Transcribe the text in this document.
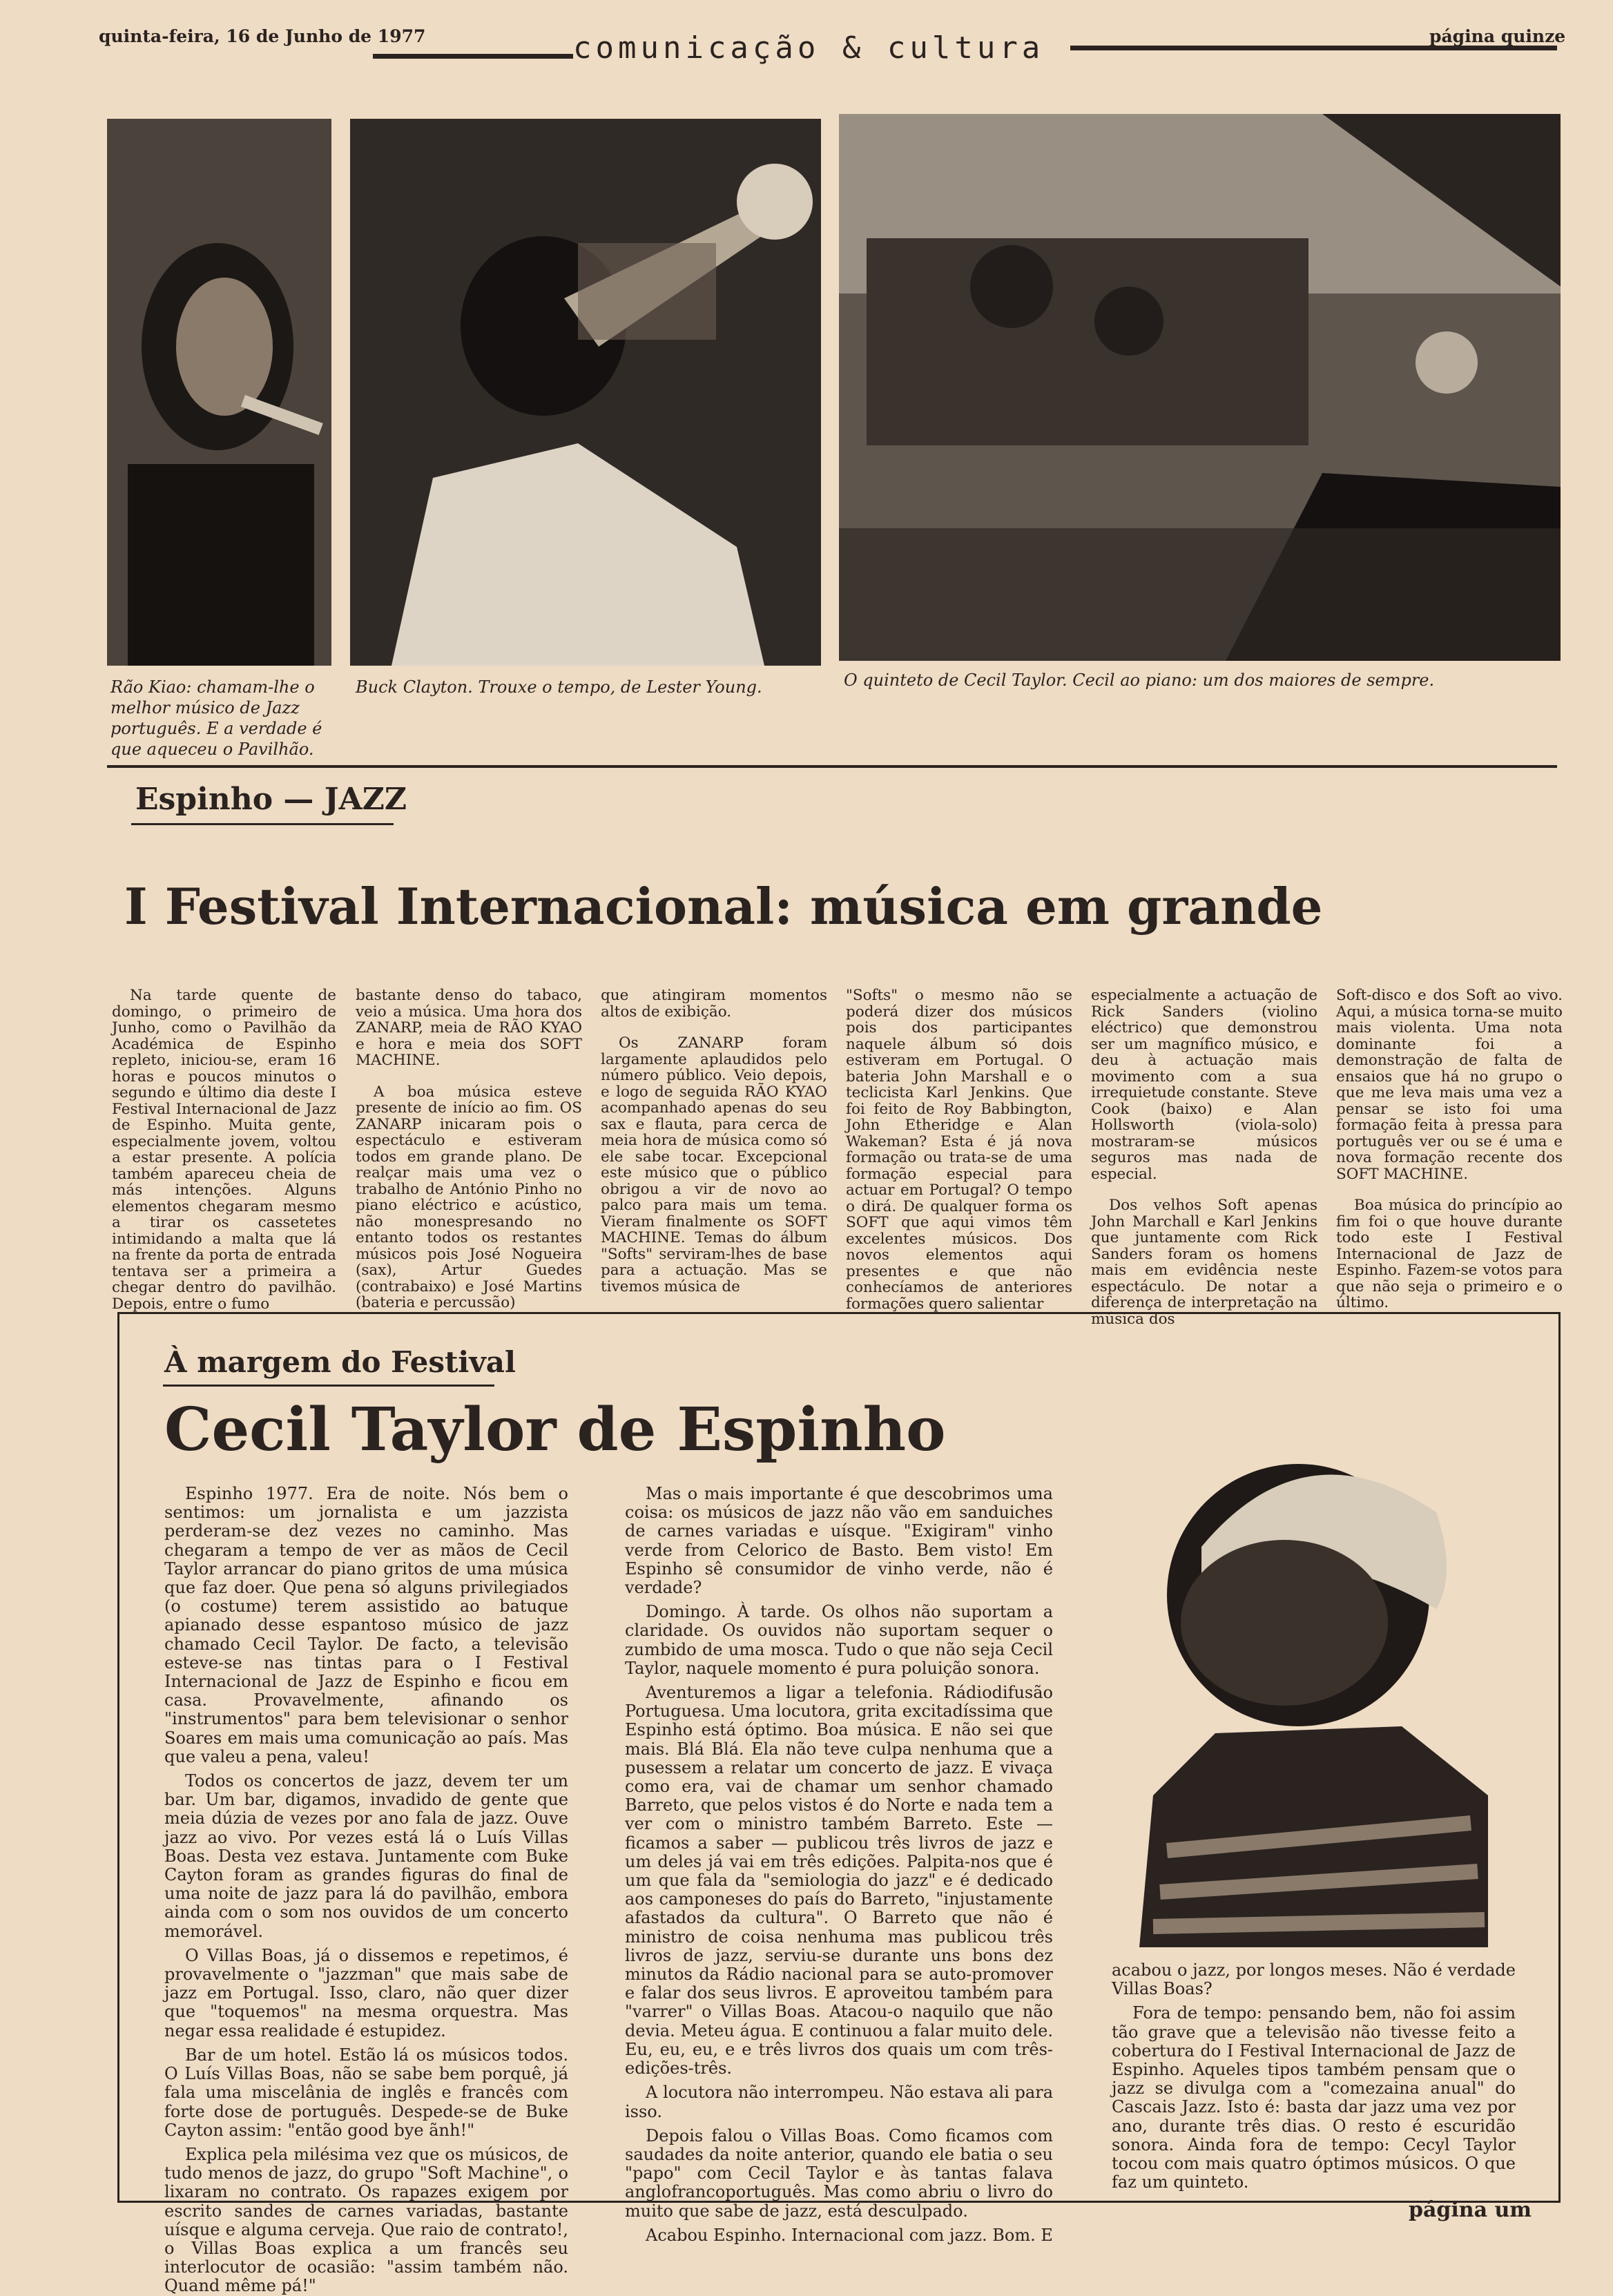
quinta-feira, 16 de Junho de 1977	comunicação & cultura	página quinze
Rão Kiao: chamam-lhe o melhor músico de Jazz português. E a verdade é que aqueceu o Pavilhão.
Buck Clayton. Trouxe o tempo, de Lester Young.	O quinteto de Cecil Taylor. Cecil ao piano: um dos maiores de sempre.
Espinho — JAZZ
I Festival Internacional: música em grande

Na tarde quente de domingo, o primeiro de Junho, como o Pavilhão da Académica de Espinho repleto, iniciou-se, eram 16 horas e poucos minutos o segundo e último dia deste I Festival Internacional de Jazz de Espinho. Muita gente, especialmente jovem, voltou a estar presente. A polícia também apareceu cheia de más intenções. Alguns elementos chegaram mesmo a tirar os cassetetes intimidando a malta que lá na frente da porta de entrada tentava ser a primeira a chegar dentro do pavilhão. Depois, entre o fumo

bastante denso do tabaco, veio a música. Uma hora dos ZANARP, meia de RÃO KYAO e hora e meia dos SOFT MACHINE.

A boa música esteve presente de início ao fim. OS ZANARP inicaram pois o espectáculo e estiveram todos em grande plano. De realçar mais uma vez o trabalho de António Pinho no piano eléctrico e acústico, não monespresando no entanto todos os restantes músicos pois José Nogueira (sax), Artur Guedes (contrabaixo) e José Martins (bateria e percussão)

que atingiram momentos altos de exibição.

Os ZANARP foram largamente aplaudidos pelo número público. Veio depois, e logo de seguida RÃO KYAO acompanhado apenas do seu sax e flauta, para cerca de meia hora de música como só ele sabe tocar. Excepcional este músico que o público obrigou a vir de novo ao palco para mais um tema. Vieram finalmente os SOFT MACHINE. Temas do álbum "Softs" serviram-lhes de base para a actuação. Mas se tivemos música de

"Softs" o mesmo não se poderá dizer dos músicos pois dos participantes naquele álbum só dois estiveram em Portugal. O bateria John Marshall e o teclicista Karl Jenkins. Que foi feito de Roy Babbington, John Etheridge e Alan Wakeman? Esta é já nova formação ou trata-se de uma formação especial para actuar em Portugal? O tempo o dirá. De qualquer forma os SOFT que aqui vimos têm excelentes músicos. Dos novos elementos aqui presentes e que não conhecíamos de anteriores formações quero salientar

especialmente a actuação de Rick Sanders (violino eléctrico) que demonstrou ser um magnífico músico, e deu à actuação mais movimento com a sua irrequietude constante. Steve Cook (baixo) e Alan Hollsworth (viola-solo) mostraram-se músicos seguros mas nada de especial.

Dos velhos Soft apenas John Marchall e Karl Jenkins que juntamente com Rick Sanders foram os homens mais em evidência neste espectáculo. De notar a diferença de interpretação na música dos

Soft-disco e dos Soft ao vivo. Aqui, a música torna-se muito mais violenta. Uma nota dominante foi a demonstração de falta de ensaios que há no grupo o que me leva mais uma vez a pensar se isto foi uma formação feita à pressa para português ver ou se é uma e nova formação recente dos SOFT MACHINE.

Boa música do princípio ao fim foi o que houve durante todo este I Festival Internacional de Jazz de Espinho. Fazem-se votos para que não seja o primeiro e o último.

À margem do Festival
Cecil Taylor de Espinho

Espinho 1977. Era de noite. Nós bem o sentimos: um jornalista e um jazzista perderam-se dez vezes no caminho. Mas chegaram a tempo de ver as mãos de Cecil Taylor arrancar do piano gritos de uma música que faz doer. Que pena só alguns privilegiados (o costume) terem assistido ao batuque apianado desse espantoso músico de jazz chamado Cecil Taylor. De facto, a televisão esteve-se nas tintas para o I Festival Internacional de Jazz de Espinho e ficou em casa. Provavelmente, afinando os "instrumentos" para bem televisionar o senhor Soares em mais uma comunicação ao país. Mas que valeu a pena, valeu!

Todos os concertos de jazz, devem ter um bar. Um bar, digamos, invadido de gente que meia dúzia de vezes por ano fala de jazz. Ouve jazz ao vivo. Por vezes está lá o Luís Villas Boas. Desta vez estava. Juntamente com Buke Cayton foram as grandes figuras do final de uma noite de jazz para lá do pavilhão, embora ainda com o som nos ouvidos de um concerto memorável.

O Villas Boas, já o dissemos e repetimos, é provavelmente o "jazzman" que mais sabe de jazz em Portugal. Isso, claro, não quer dizer que "toquemos" na mesma orquestra. Mas negar essa realidade é estupidez.

Bar de um hotel. Estão lá os músicos todos. O Luís Villas Boas, não se sabe bem porquê, já fala uma miscelânia de inglês e francês com forte dose de português. Despede-se de Buke Cayton assim: "então good bye ãnh!"

Explica pela milésima vez que os músicos, de tudo menos de jazz, do grupo "Soft Machine", o lixaram no contrato. Os rapazes exigem por escrito sandes de carnes variadas, bastante uísque e alguma cerveja. Que raio de contrato!, o Villas Boas explica a um francês seu interlocutor de ocasião: "assim também não. Quand même pá!"

Mas o mais importante é que descobrimos uma coisa: os músicos de jazz não vão em sanduiches de carnes variadas e uísque. "Exigiram" vinho verde from Celorico de Basto. Bem visto! Em Espinho sê consumidor de vinho verde, não é verdade?

Domingo. À tarde. Os olhos não suportam a claridade. Os ouvidos não suportam sequer o zumbido de uma mosca. Tudo o que não seja Cecil Taylor, naquele momento é pura poluição sonora.

Aventuremos a ligar a telefonia. Rádiodifusão Portuguesa. Uma locutora, grita excitadíssima que Espinho está óptimo. Boa música. E não sei que mais. Blá Blá. Ela não teve culpa nenhuma que a pusessem a relatar um concerto de jazz. E vivaça como era, vai de chamar um senhor chamado Barreto, que pelos vistos é do Norte e nada tem a ver com o ministro também Barreto. Este — ficamos a saber — publicou três livros de jazz e um deles já vai em três edições. Palpita-nos que é um que fala da "semiologia do jazz" e é dedicado aos camponeses do país do Barreto, "injustamente afastados da cultura". O Barreto que não é ministro de coisa nenhuma mas publicou três livros de jazz, serviu-se durante uns bons dez minutos da Rádio nacional para se auto-promover e falar dos seus livros. E aproveitou também para "varrer" o Villas Boas. Atacou-o naquilo que não devia. Meteu água. E continuou a falar muito dele. Eu, eu, eu, e e três livros dos quais um com três-edições-três.

A locutora não interrompeu. Não estava ali para isso.

Depois falou o Villas Boas. Como ficamos com saudades da noite anterior, quando ele batia o seu "papo" com Cecil Taylor e às tantas falava anglofrancoportuguês. Mas como abriu o livro do muito que sabe de jazz, está desculpado.

Acabou Espinho. Internacional com jazz. Bom. E

acabou o jazz, por longos meses. Não é verdade Villas Boas?

Fora de tempo: pensando bem, não foi assim tão grave que a televisão não tivesse feito a cobertura do I Festival Internacional de Jazz de Espinho. Aqueles tipos também pensam que o jazz se divulga com a "comezaina anual" do Cascais Jazz. Isto é: basta dar jazz uma vez por ano, durante três dias. O resto é escuridão sonora. Ainda fora de tempo: Cecyl Taylor tocou com mais quatro óptimos músicos. O que faz um quinteto.

página um
